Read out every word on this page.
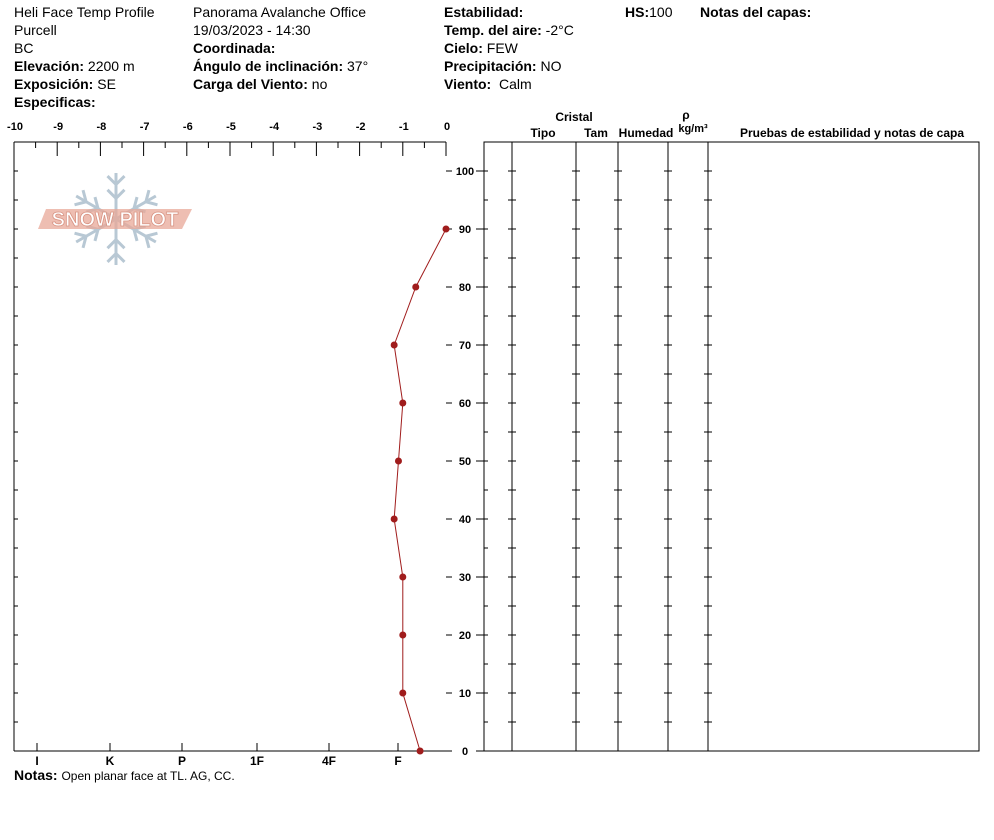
Heli Face Temp Profile
Purcell
BC
Elevación: 2200 m
Exposición: SE
Especificas:
Panorama Avalanche Office
19/03/2023 - 14:30
Coordinada:
Ángulo de inclinación: 37°
Carga del Viento: no
Estabilidad:
Temp. del aire: -2°C
Cielo: FEW
Precipitación: NO
Viento: Calm
HS:100 Notas del capas:
Cristal	ρ
Tipo Tam Humedad kg/m³	Pruebas de estabilidad y notas de capa
SNOW PILOT
-10	-9	-8	-7	-6	-5	-4	-3	-2	-1	0
I	K	P	1F	4F	F
0
10
20
30
40
50
60
70
80
90
100
Notas: Open planar face at TL. AG, CC.
